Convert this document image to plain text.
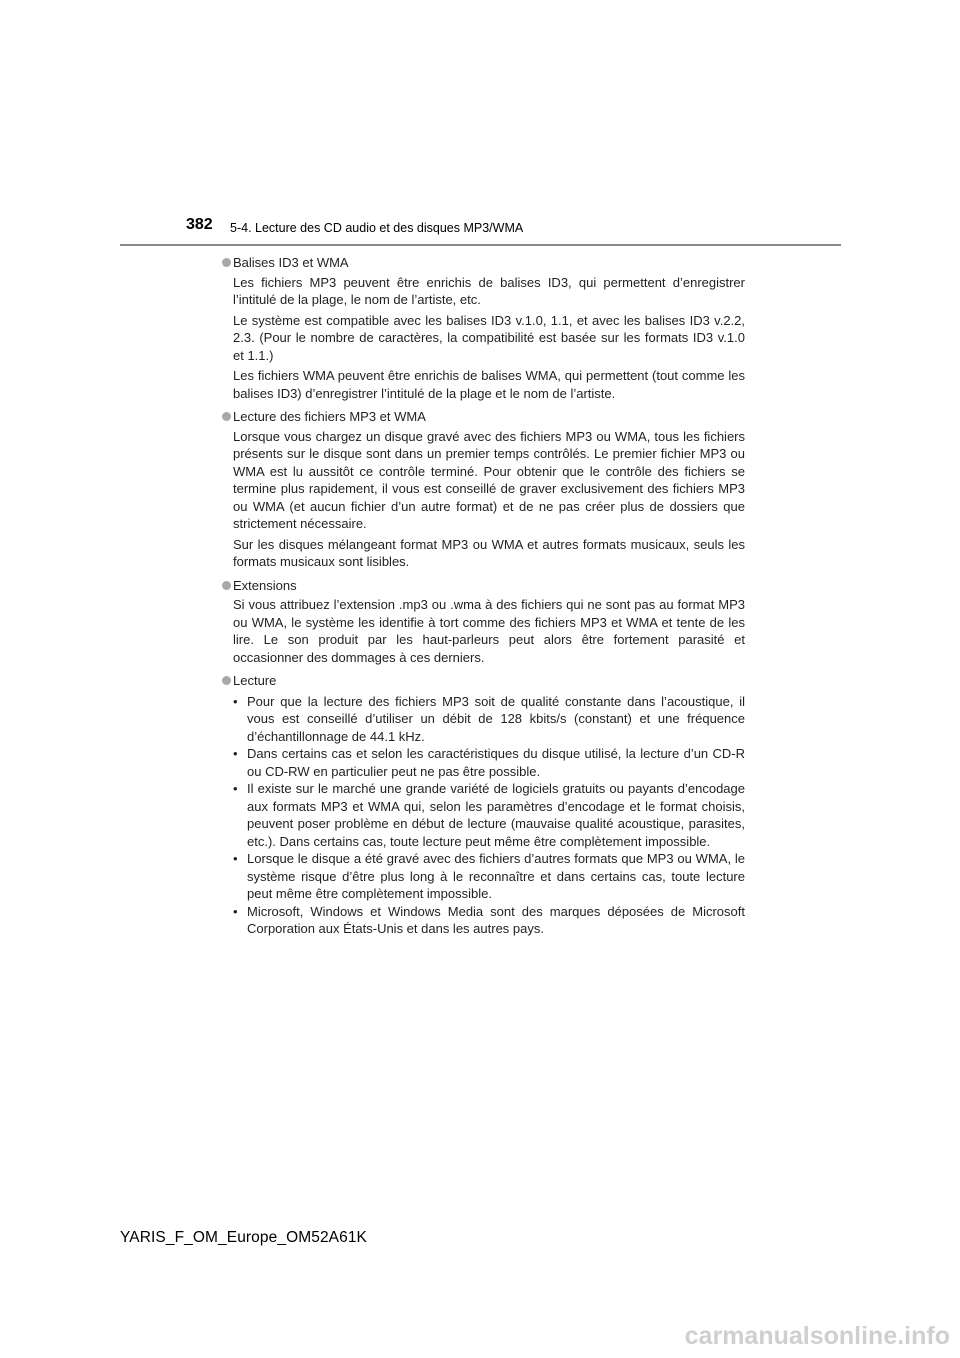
382 5-4. Lecture des CD audio et des disques MP3/WMA
Balises ID3 et WMA
Les fichiers MP3 peuvent être enrichis de balises ID3, qui permettent d’enregistrer l’intitulé de la plage, le nom de l’artiste, etc.
Le système est compatible avec les balises ID3 v.1.0, 1.1, et avec les balises ID3 v.2.2, 2.3. (Pour le nombre de caractères, la compatibilité est basée sur les formats ID3 v.1.0 et 1.1.)
Les fichiers WMA peuvent être enrichis de balises WMA, qui permettent (tout comme les balises ID3) d’enregistrer l’intitulé de la plage et le nom de l’artiste.
Lecture des fichiers MP3 et WMA
Lorsque vous chargez un disque gravé avec des fichiers MP3 ou WMA, tous les fichiers présents sur le disque sont dans un premier temps contrôlés. Le premier fichier MP3 ou WMA est lu aussitôt ce contrôle terminé. Pour obtenir que le contrôle des fichiers se termine plus rapidement, il vous est conseillé de graver exclusivement des fichiers MP3 ou WMA (et aucun fichier d’un autre format) et de ne pas créer plus de dossiers que strictement nécessaire.
Sur les disques mélangeant format MP3 ou WMA et autres formats musicaux, seuls les formats musicaux sont lisibles.
Extensions
Si vous attribuez l’extension .mp3 ou .wma à des fichiers qui ne sont pas au format MP3 ou WMA, le système les identifie à tort comme des fichiers MP3 et WMA et tente de les lire. Le son produit par les haut-parleurs peut alors être fortement parasité et occasionner des dommages à ces derniers.
Lecture
• Pour que la lecture des fichiers MP3 soit de qualité constante dans l’acoustique, il vous est conseillé d’utiliser un débit de 128 kbits/s (constant) et une fréquence d’échantillonnage de 44.1 kHz.
• Dans certains cas et selon les caractéristiques du disque utilisé, la lecture d’un CD-R ou CD-RW en particulier peut ne pas être possible.
• Il existe sur le marché une grande variété de logiciels gratuits ou payants d’encodage aux formats MP3 et WMA qui, selon les paramètres d’encodage et le format choisis, peuvent poser problème en début de lecture (mauvaise qualité acoustique, parasites, etc.). Dans certains cas, toute lecture peut même être complètement impossible.
• Lorsque le disque a été gravé avec des fichiers d’autres formats que MP3 ou WMA, le système risque d’être plus long à le reconnaître et dans certains cas, toute lecture peut même être complètement impossible.
• Microsoft, Windows et Windows Media sont des marques déposées de Microsoft Corporation aux États-Unis et dans les autres pays.
YARIS_F_OM_Europe_OM52A61K
carmanualsonline.info
